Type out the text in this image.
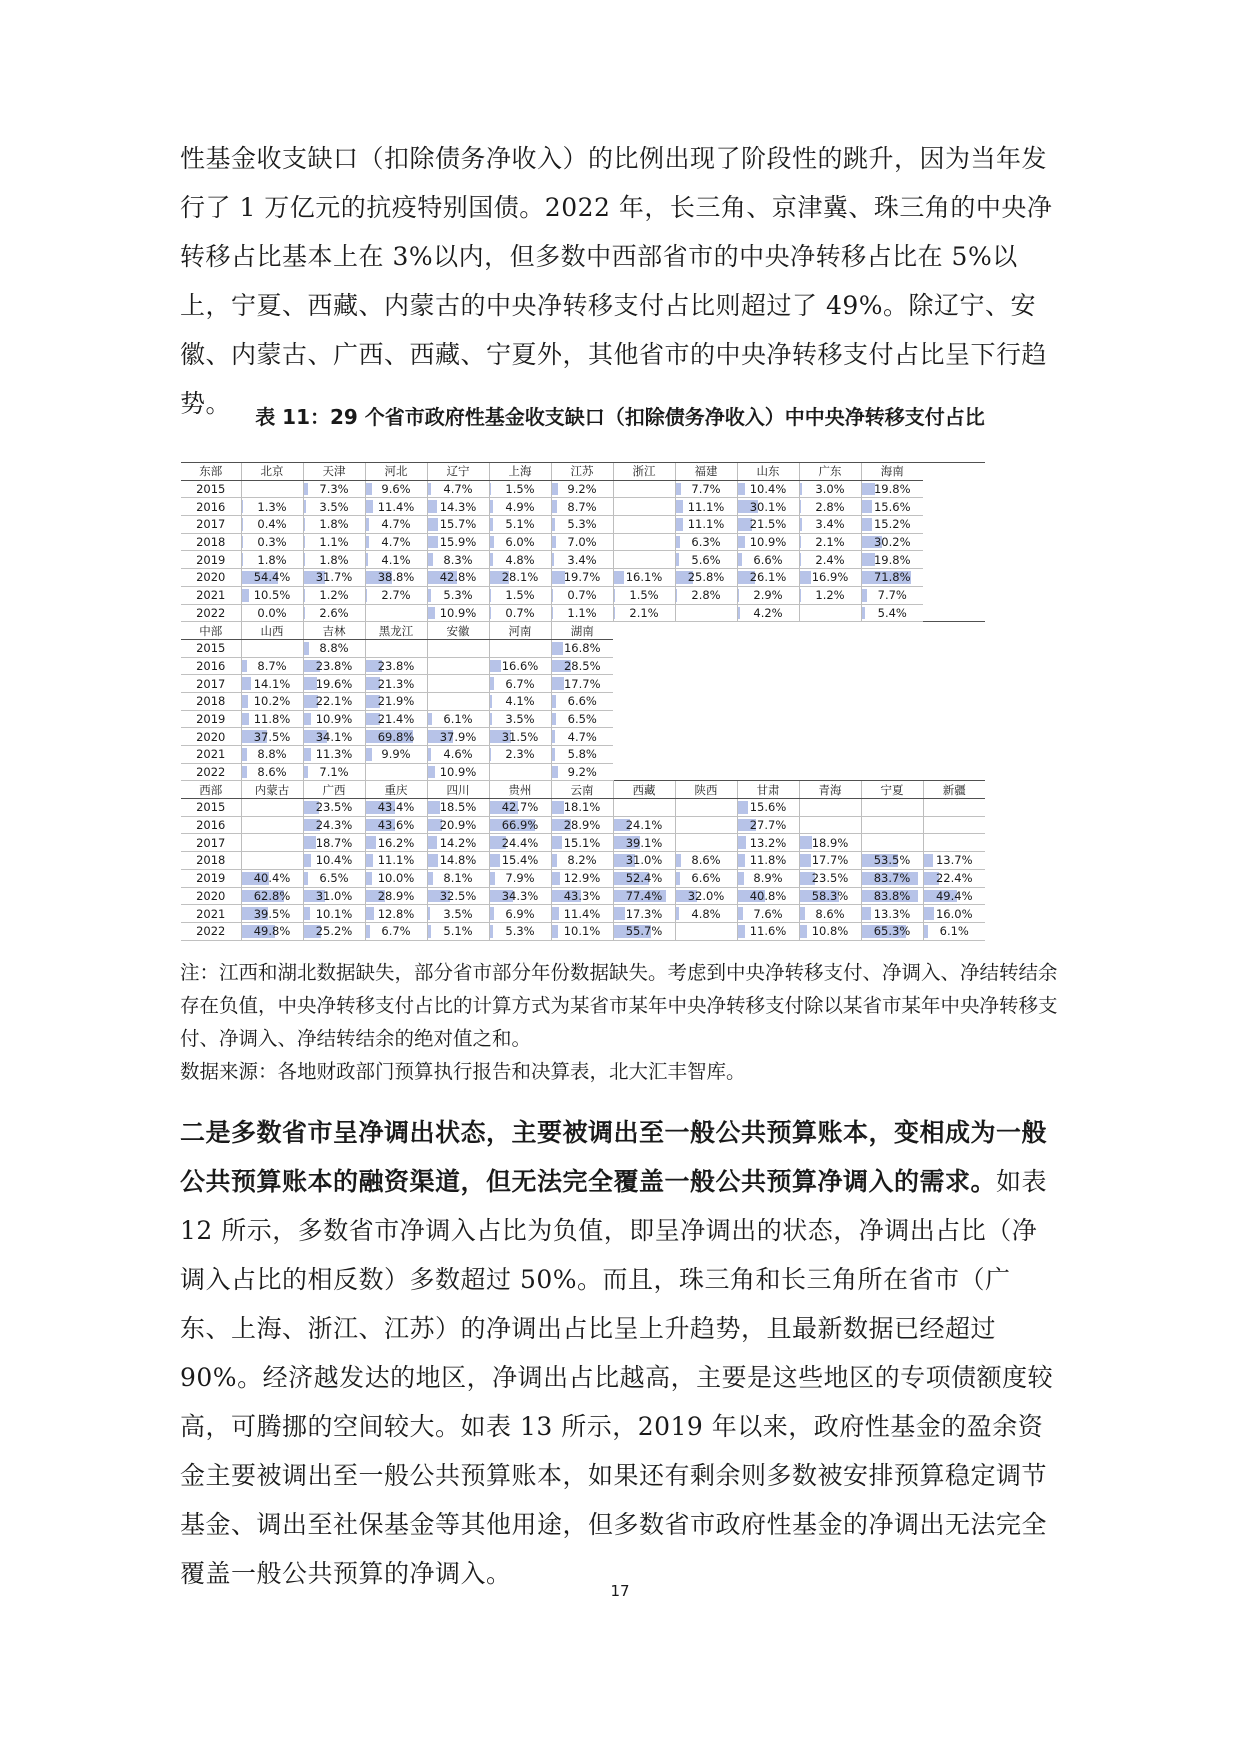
性基金收支缺口（扣除债务净收入）的比例出现了阶段性的跳升，因为当年发行了 1 万亿元的抗疫特别国债。2022 年，长三角、京津冀、珠三角的中央净转移占比基本上在 3%以内，但多数中西部省市的中央净转移占比在 5%以上，宁夏、西藏、内蒙古的中央净转移支付占比则超过了 49%。除辽宁、安徽、内蒙古、广西、西藏、宁夏外，其他省市的中央净转移支付占比呈下行趋势。	表 11：29 个省市政府性基金收支缺口（扣除债务净收入）中中央净转移支付占比
东部	北京	天津	河北	辽宁	上海	江苏	浙江	福建	山东	广东	海南	
2015		7.3%	9.6%	4.7%	1.5%	9.2%		7.7%	10.4%	3.0%	19.8%	
2016	1.3%	3.5%	11.4%	14.3%	4.9%	8.7%		11.1%	30.1%	2.8%	15.6%	
2017	0.4%	1.8%	4.7%	15.7%	5.1%	5.3%		11.1%	21.5%	3.4%	15.2%	
2018	0.3%	1.1%	4.7%	15.9%	6.0%	7.0%		6.3%	10.9%	2.1%	30.2%	
2019	1.8%	1.8%	4.1%	8.3%	4.8%	3.4%		5.6%	6.6%	2.4%	19.8%	
2020	54.4%	31.7%	38.8%	42.8%	28.1%	19.7%	16.1%	25.8%	26.1%	16.9%	71.8%	
2021	10.5%	1.2%	2.7%	5.3%	1.5%	0.7%	1.5%	2.8%	2.9%	1.2%	7.7%	
2022	0.0%	2.6%		10.9%	0.7%	1.1%	2.1%		4.2%		5.4%	
中部	山西	吉林	黑龙江	安徽	河南	湖南						
2015		8.8%				16.8%						
2016	8.7%	23.8%	23.8%		16.6%	28.5%						
2017	14.1%	19.6%	21.3%		6.7%	17.7%						
2018	10.2%	22.1%	21.9%		4.1%	6.6%						
2019	11.8%	10.9%	21.4%	6.1%	3.5%	6.5%						
2020	37.5%	34.1%	69.8%	37.9%	31.5%	4.7%						
2021	8.8%	11.3%	9.9%	4.6%	2.3%	5.8%						
2022	8.6%	7.1%		10.9%		9.2%						
西部	内蒙古	广西	重庆	四川	贵州	云南	西藏	陕西	甘肃	青海	宁夏	新疆
2015		23.5%	43.4%	18.5%	42.7%	18.1%			15.6%			
2016		24.3%	43.6%	20.9%	66.9%	28.9%	24.1%		27.7%			
2017		18.7%	16.2%	14.2%	24.4%	15.1%	39.1%		13.2%	18.9%		
2018		10.4%	11.1%	14.8%	15.4%	8.2%	31.0%	8.6%	11.8%	17.7%	53.5%	13.7%
2019	40.4%	6.5%	10.0%	8.1%	7.9%	12.9%	52.4%	6.6%	8.9%	23.5%	83.7%	22.4%
2020	62.8%	31.0%	28.9%	32.5%	34.3%	43.3%	77.4%	32.0%	40.8%	58.3%	83.8%	49.4%
2021	39.5%	10.1%	12.8%	3.5%	6.9%	11.4%	17.3%	4.8%	7.6%	8.6%	13.3%	16.0%
2022	49.8%	25.2%	6.7%	5.1%	5.3%	10.1%	55.7%		11.6%	10.8%	65.3%	6.1%

注：江西和湖北数据缺失，部分省市部分年份数据缺失。考虑到中央净转移支付、净调入、净结转结余存在负值，中央净转移支付占比的计算方式为某省市某年中央净转移支付除以某省市某年中央净转移支付、净调入、净结转结余的绝对值之和。

数据来源：各地财政部门预算执行报告和决算表，北大汇丰智库。

二是多数省市呈净调出状态，主要被调出至一般公共预算账本，变相成为一般公共预算账本的融资渠道，但无法完全覆盖一般公共预算净调入的需求。如表 12 所示，多数省市净调入占比为负值，即呈净调出的状态，净调出占比（净调入占比的相反数）多数超过 50%。而且，珠三角和长三角所在省市（广东、上海、浙江、江苏）的净调出占比呈上升趋势，且最新数据已经超过 90%。经济越发达的地区，净调出占比越高，主要是这些地区的专项债额度较高，可腾挪的空间较大。如表 13 所示，2019 年以来，政府性基金的盈余资金主要被调出至一般公共预算账本，如果还有剩余则多数被安排预算稳定调节基金、调出至社保基金等其他用途，但多数省市政府性基金的净调出无法完全覆盖一般公共预算的净调入。

17
